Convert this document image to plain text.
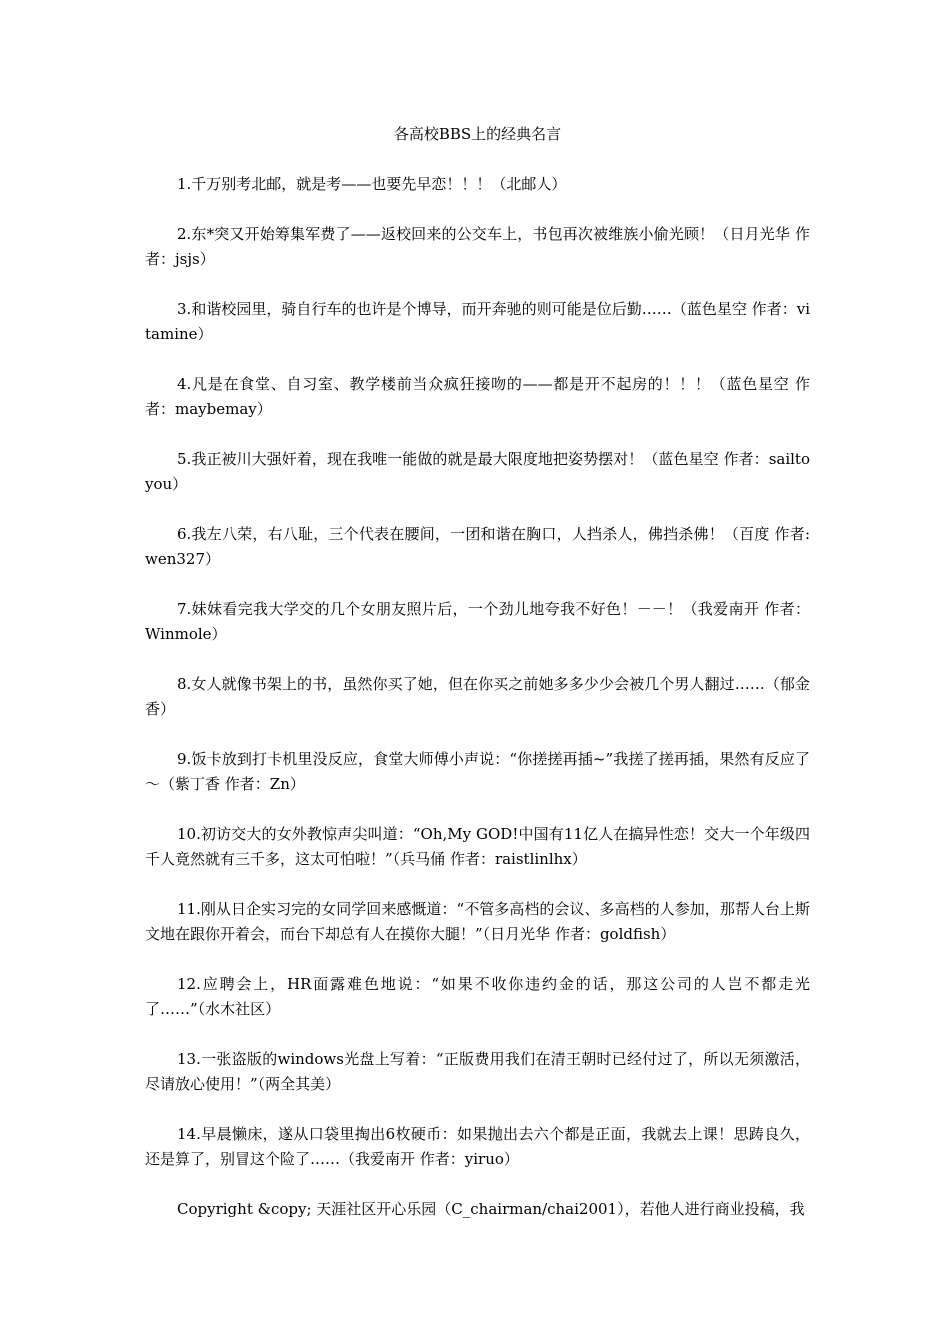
各高校BBS上的经典名言

1.千万别考北邮，就是考——也要先早恋！！！（北邮人）

2.东*突又开始筹集军费了——返校回来的公交车上，书包再次被维族小偷光顾！（日月光华 作者：jsjs）

3.和谐校园里，骑自行车的也许是个博导，而开奔驰的则可能是位后勤……（蓝色星空 作者：vitamine）

4.凡是在食堂、自习室、教学楼前当众疯狂接吻的——都是开不起房的！！！（蓝色星空 作者：maybemay）

5.我正被川大强奸着，现在我唯一能做的就是最大限度地把姿势摆对！（蓝色星空 作者：sailtoyou）

6.我左八荣，右八耻，三个代表在腰间，一团和谐在胸口，人挡杀人，佛挡杀佛！（百度 作者:wen327）

7.妹妹看完我大学交的几个女朋友照片后，一个劲儿地夸我不好色！－－！（我爱南开 作者：Winmole）

8.女人就像书架上的书，虽然你买了她，但在你买之前她多多少少会被几个男人翻过……（郁金香）

9.饭卡放到打卡机里没反应，食堂大师傅小声说：“你搓搓再插~”我搓了搓再插，果然有反应了～（紫丁香 作者：Zn）

10.初访交大的女外教惊声尖叫道：“Oh,My GOD!中国有11亿人在搞异性恋！交大一个年级四千人竟然就有三千多，这太可怕啦！”（兵马俑 作者：raistlinlhx）

11.刚从日企实习完的女同学回来感慨道：“不管多高档的会议、多高档的人参加，那帮人台上斯文地在跟你开着会，而台下却总有人在摸你大腿！”（日月光华 作者：goldfish）

12.应聘会上，HR面露难色地说：“如果不收你违约金的话，那这公司的人岂不都走光了……”（水木社区）

13.一张盗版的windows光盘上写着：“正版费用我们在清王朝时已经付过了，所以无须激活，尽请放心使用！”（两全其美）

14.早晨懒床，遂从口袋里掏出6枚硬币：如果抛出去六个都是正面，我就去上课！思踌良久，还是算了，别冒这个险了……（我爱南开 作者：yiruo）

Copyright &copy; 天涯社区开心乐园（C_chairman/chai2001），若他人进行商业投稿，我
